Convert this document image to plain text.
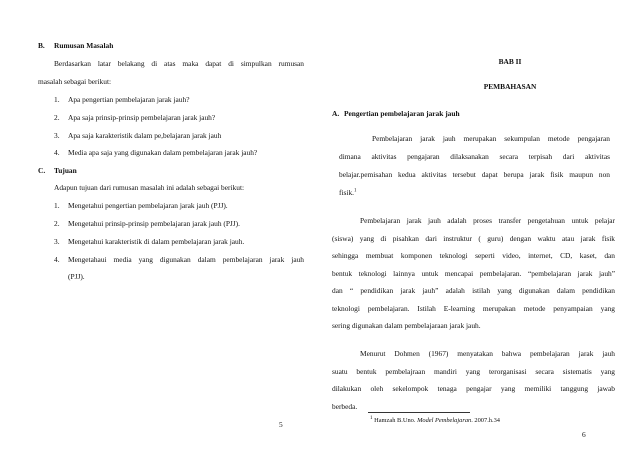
B. Rumusan Masalah
Berdasarkan latar belakang di atas maka dapat di simpulkan rumusan
masalah sebagai berikut:
1. Apa pengertian pembelajaran jarak jauh?
2. Apa saja prinsip-prinsip pembelajaran jarak jauh?
3. Apa saja karakteristik dalam pe,belajaran jarak jauh
4. Media apa saja yang digunakan dalam pembelajaran jarak jauh?
C. Tujuan
Adapun tujuan dari rumusan masalah ini adalah sebagai berikut:
1. Mengetahui pengertian pembelajaran jarak jauh (PJJ).
2. Mengetahui prinsip-prinsip pembelajaran jarak jauh (PJJ).
3. Mengetahui karakteristik di dalam pembelajaran jarak jauh.
4. Mengetahaui media yang digunakan dalam pembelajaran jarak jauh
(PJJ).
5
BAB II
PEMBAHASAN
A. Pengertian pembelajaran jarak jauh
Pembelajaran jarak jauh merupakan sekumpulan metode pengajaran
dimana aktivitas pengajaran dilaksanakan secara terpisah dari aktivitas
belajar.pemisahan kedua aktivitas tersebut dapat berupa jarak fisik maupun non
fisik.$^1$
Pembelajaran jarak jauh adalah proses transfer pengetahuan untuk pelajar
(siswa) yang di pisahkan dari instruktur ( guru) dengan waktu atau jarak fisik
sehingga membuat komponen teknologi seperti video, internet, CD, kaset, dan
bentuk teknologi lainnya untuk mencapai pembelajaran. “pembelajaran jarak jauh”
dan “ pendidikan jarak jauh” adalah istilah yang digunakan dalam pendidikan
teknologi pembelajaran. Istilah E-learning merupakan metode penyampaian yang
sering digunakan dalam pembelajaraan jarak jauh.
Menurut Dohmen (1967) menyatakan bahwa pembelajaran jarak jauh
suatu bentuk pembelajraan mandiri yang terorganisasi secara sistematis yang
dilakukan oleh sekelompok tenaga pengajar yang memiliki tanggung jawab
berbeda.
$^1$ Hamzah B.Uno. Model Pembelajaran. 2007.h.34
6
